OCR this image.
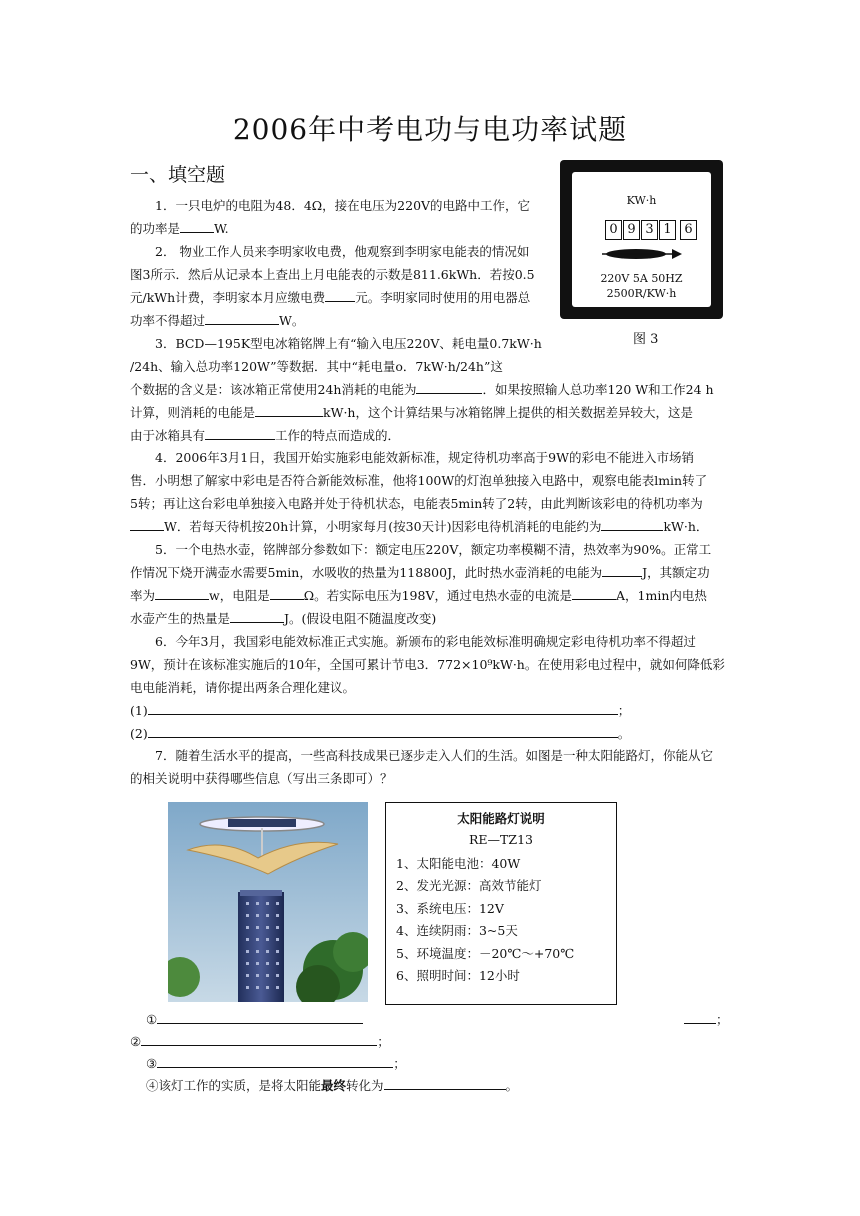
2006年中考电功与电功率试题
一、填空题
KW·h
0 9 3 1 6
220V 5A 50HZ
2500R/KW·h
图 3
1．一只电炉的电阻为48．4Ω，接在电压为220V的电路中工作，它
的功率是	W.
2． 物业工作人员来李明家收电费，他观察到李明家电能表的情况如
图3所示．然后从记录本上查出上月电能表的示数是811.6kWh．若按0.5
元/kWh计费，李明家本月应缴电费 元。李明家同时使用的用电器总
功率不得超过	W。
3．BCD—195K型电冰箱铭牌上有“输入电压220V、耗电量0.7kW·h
/24h、输入总功率120W”等数据．其中“耗电量o．7kW·h/24h”这
个数据的含义是：该冰箱正常使用24h消耗的电能为	．如果按照输人总功率120 W和工作24 h
计算，则消耗的电能是	kW·h，这个计算结果与冰箱铭牌上提供的相关数据差异较大，这是
由于冰箱具有	工作的特点而造成的．
4．2006年3月1日，我国开始实施彩电能效新标准，规定待机功率高于9W的彩电不能进入市场销
售．小明想了解家中彩电是否符合新能效标准，他将100W的灯泡单独接入电路中，观察电能表lmin转了
5转；再让这台彩电单独接入电路并处于待机状态，电能表5min转了2转，由此判断该彩电的待机功率为
W．若每天待机按20h计算，小明家每月(按30天计)因彩电待机消耗的电能约为	kW·h．
5．一个电热水壶，铭牌部分参数如下：额定电压220V，额定功率模糊不清，热效率为90%。正常工
作情况下烧开满壶水需要5min，水吸收的热量为118800J，此时热水壶消耗的电能为	J，其额定功
率为	w，电阻是	Ω。若实际电压为198V，通过电热水壶的电流是	A，1min内电热
水壶产生的热量是	J。(假设电阻不随温度改变)
6．今年3月，我国彩电能效标准正式实施。新颁布的彩电能效标准明确规定彩电待机功率不得超过
9W，预计在该标准实施后的10年，全国可累计节电3．772×10⁹kW·h。在使用彩电过程中，就如何降低彩
电电能消耗，请你提出两条合理化建议。
(1)	；
(2)	。
7．随着生活水平的提高，一些高科技成果已逐步走入人们的生活。如图是一种太阳能路灯，你能从它
的相关说明中获得哪些信息（写出三条即可）？
太阳能路灯说明
RE—TZ13
1、太阳能电池：40W
2、发光光源：高效节能灯
3、系统电压：12V
4、连续阴雨：3~5天
5、环境温度：－20℃～+70℃
6、照明时间：12小时
①	；
②	；
③	；
④该灯工作的实质，是将太阳能最终转化为	。
